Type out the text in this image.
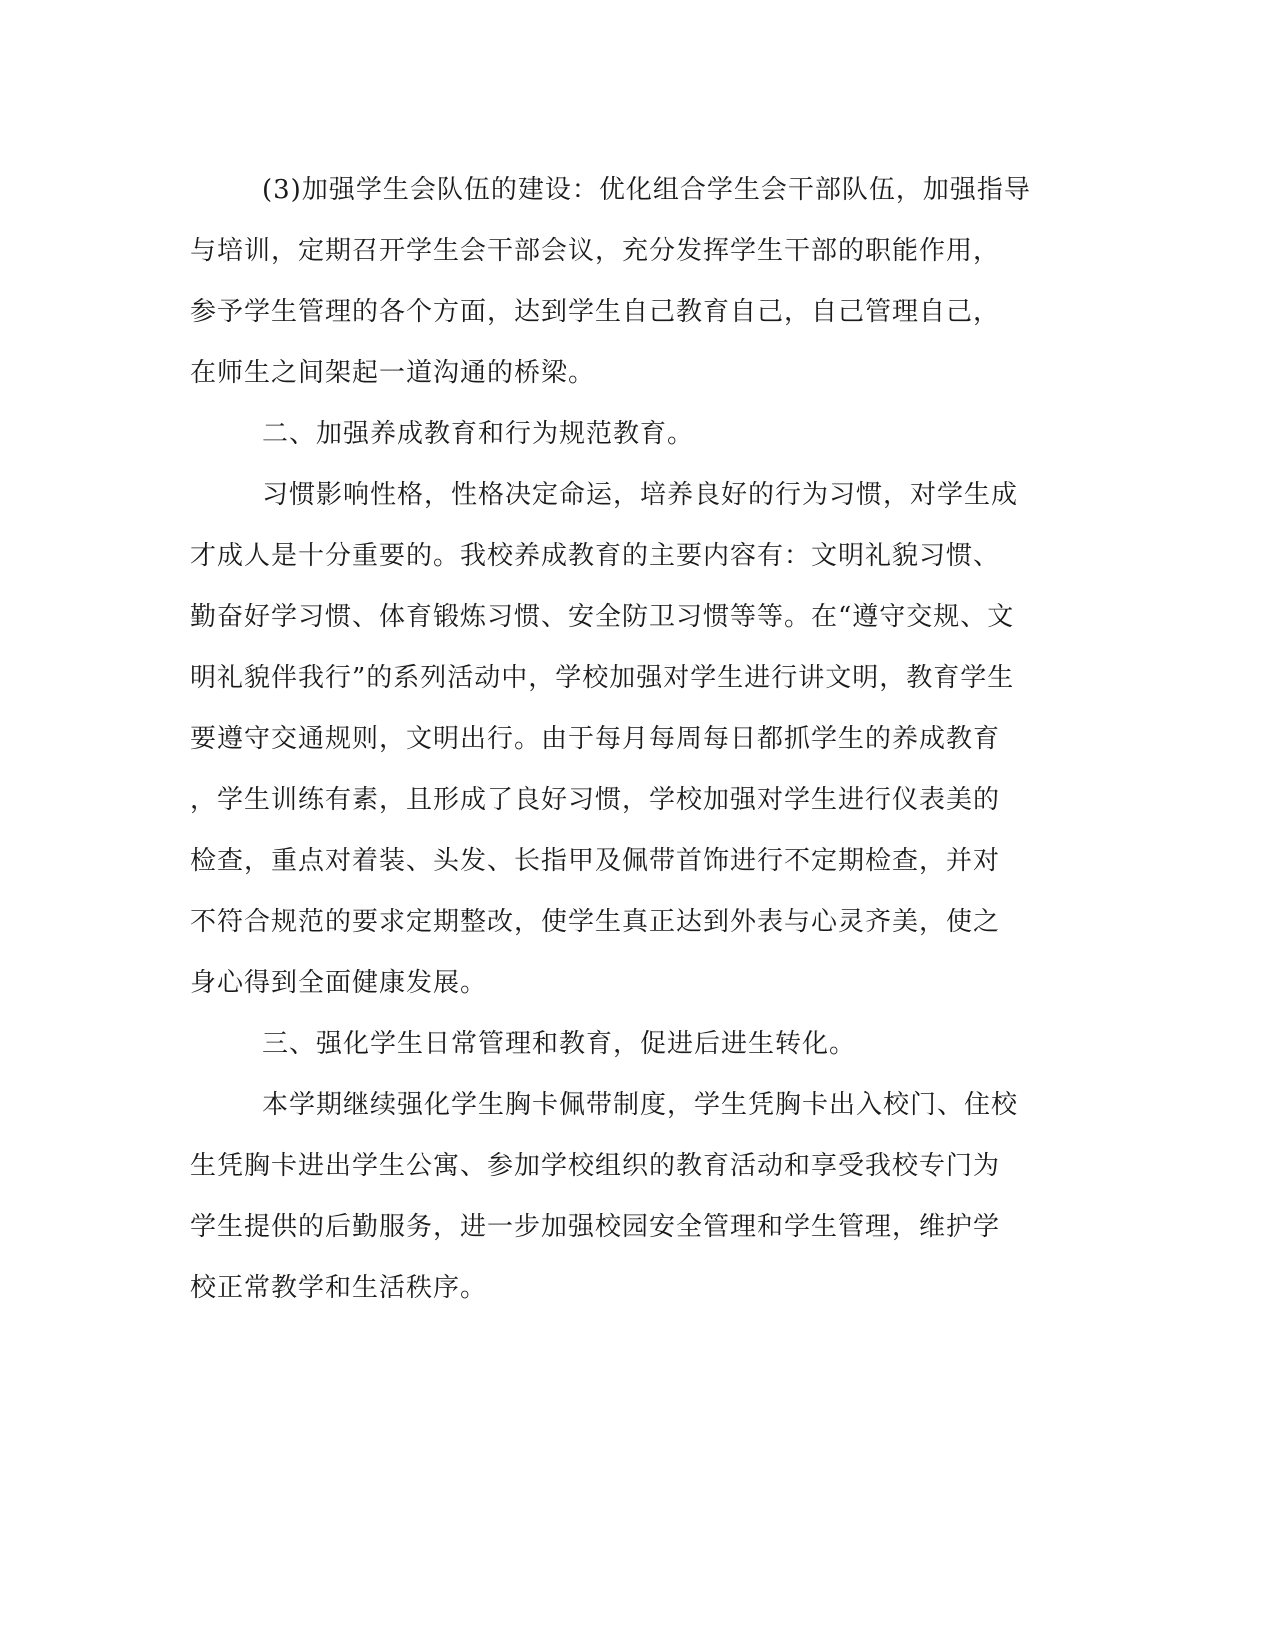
(3)加强学生会队伍的建设：优化组合学生会干部队伍，加强指导
与培训，定期召开学生会干部会议，充分发挥学生干部的职能作用，
参予学生管理的各个方面，达到学生自己教育自己，自己管理自己，
在师生之间架起一道沟通的桥梁。
二、加强养成教育和行为规范教育。
习惯影响性格，性格决定命运，培养良好的行为习惯，对学生成
才成人是十分重要的。我校养成教育的主要内容有：文明礼貌习惯、
勤奋好学习惯、体育锻炼习惯、安全防卫习惯等等。在“遵守交规、文
明礼貌伴我行”的系列活动中，学校加强对学生进行讲文明，教育学生
要遵守交通规则，文明出行。由于每月每周每日都抓学生的养成教育
，学生训练有素，且形成了良好习惯，学校加强对学生进行仪表美的
检查，重点对着装、头发、长指甲及佩带首饰进行不定期检查，并对
不符合规范的要求定期整改，使学生真正达到外表与心灵齐美，使之
身心得到全面健康发展。
三、强化学生日常管理和教育，促进后进生转化。
本学期继续强化学生胸卡佩带制度，学生凭胸卡出入校门、住校
生凭胸卡进出学生公寓、参加学校组织的教育活动和享受我校专门为
学生提供的后勤服务，进一步加强校园安全管理和学生管理，维护学
校正常教学和生活秩序。
